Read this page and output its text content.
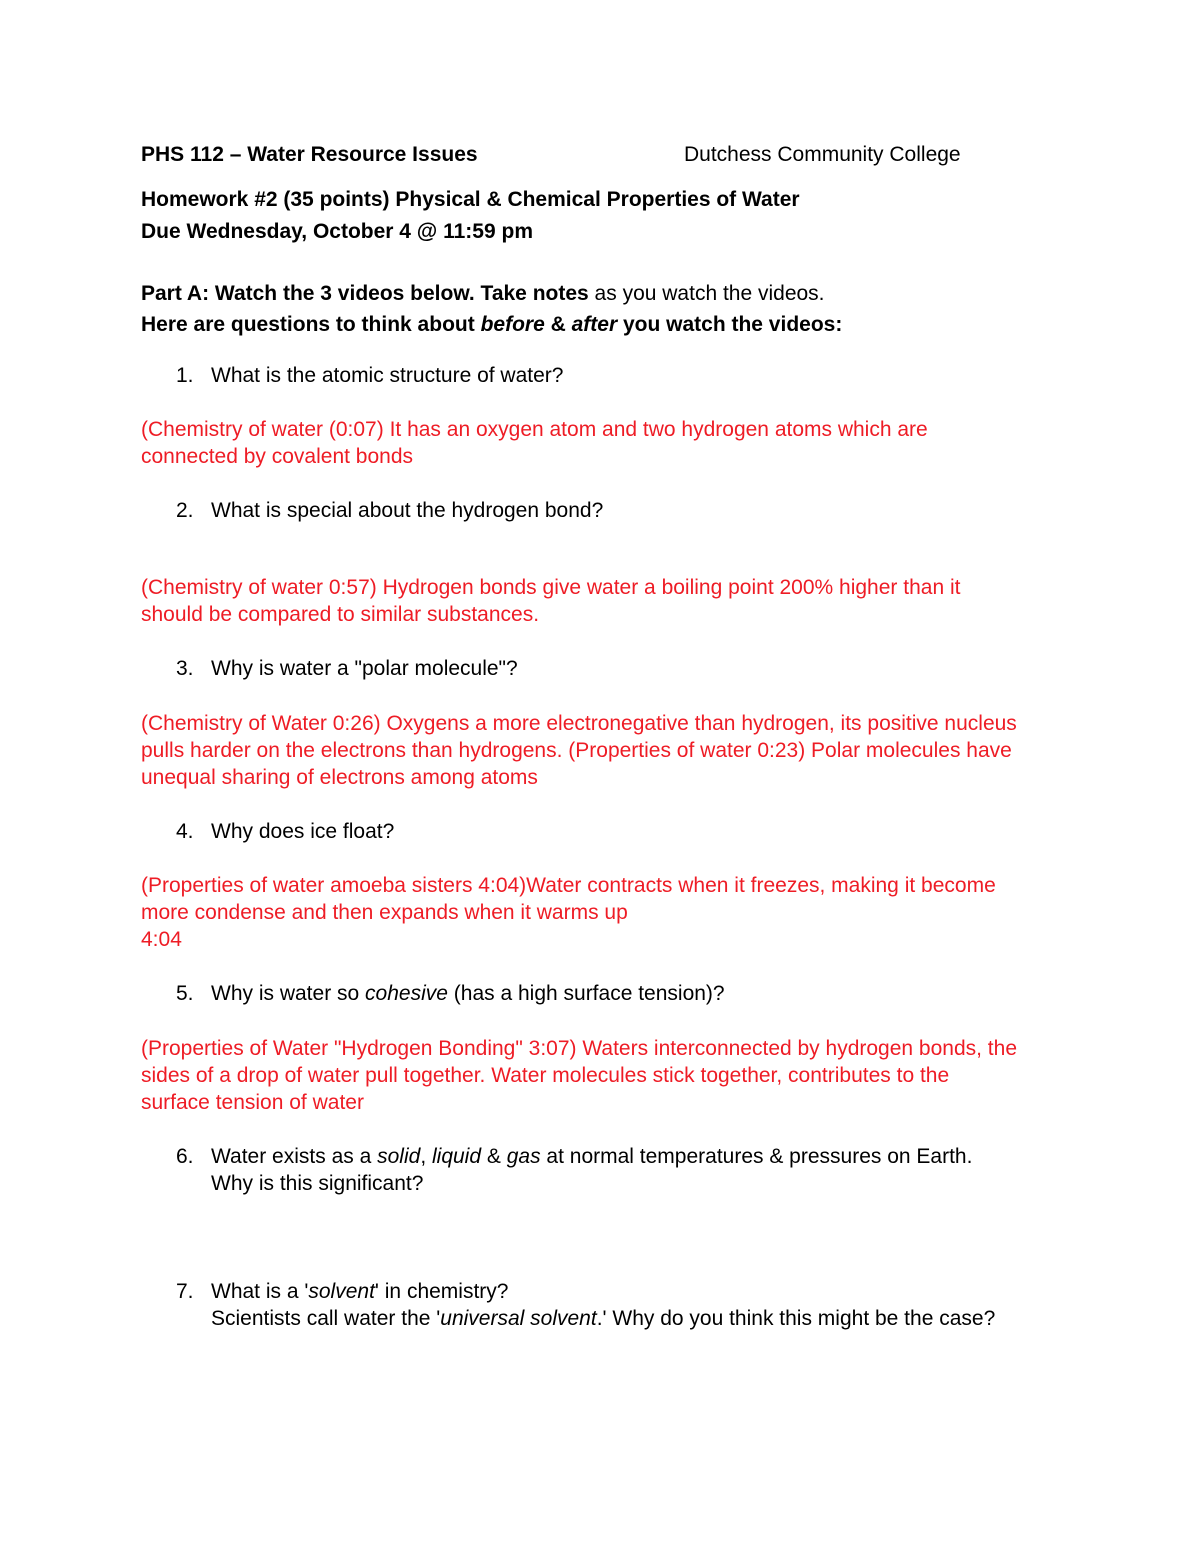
PHS 112 – Water Resource Issues	Dutchess Community College
Homework #2 (35 points) Physical & Chemical Properties of Water
Due Wednesday, October 4 @ 11:59 pm
Part A: Watch the 3 videos below. Take notes as you watch the videos.
Here are questions to think about before & after you watch the videos:
1. What is the atomic structure of water?
(Chemistry of water (0:07) It has an oxygen atom and two hydrogen atoms which are
connected by covalent bonds
2. What is special about the hydrogen bond?
(Chemistry of water 0:57) Hydrogen bonds give water a boiling point 200% higher than it
should be compared to similar substances.
3. Why is water a "polar molecule"?
(Chemistry of Water 0:26) Oxygens a more electronegative than hydrogen, its positive nucleus
pulls harder on the electrons than hydrogens. (Properties of water 0:23) Polar molecules have
unequal sharing of electrons among atoms
4. Why does ice float?
(Properties of water amoeba sisters 4:04)Water contracts when it freezes, making it become
more condense and then expands when it warms up
4:04
5. Why is water so cohesive (has a high surface tension)?
(Properties of Water "Hydrogen Bonding" 3:07) Waters interconnected by hydrogen bonds, the
sides of a drop of water pull together. Water molecules stick together, contributes to the
surface tension of water
6. Water exists as a solid, liquid & gas at normal temperatures & pressures on Earth.
Why is this significant?
7. What is a 'solvent' in chemistry?
Scientists call water the 'universal solvent.' Why do you think this might be the case?
